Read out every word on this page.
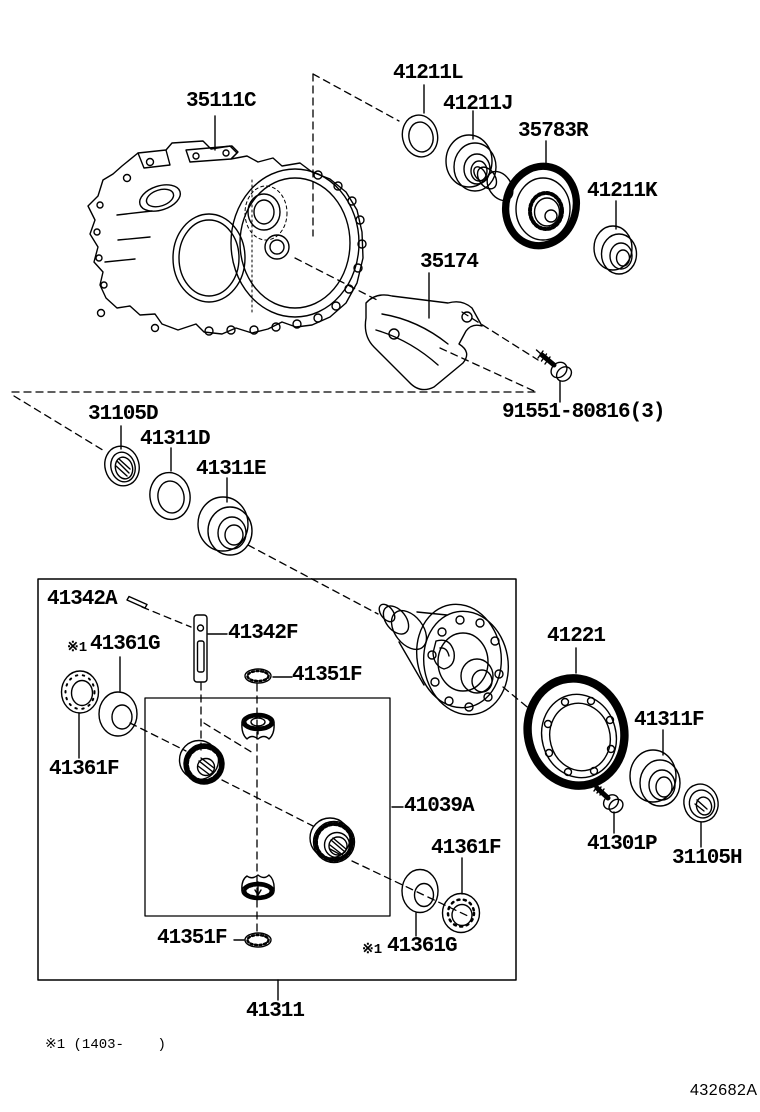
35111C
41211L
41211J
35783R
41211K
35174
91551-80816(3)
31105D
41311D
41311E
41342A
41342F
41351F
※1 41361G
41361F
41221
41039A
41311F
41361F	41301P
31105H
※1 41361G
41351F
41311
※1 (1403-    )
432682A
